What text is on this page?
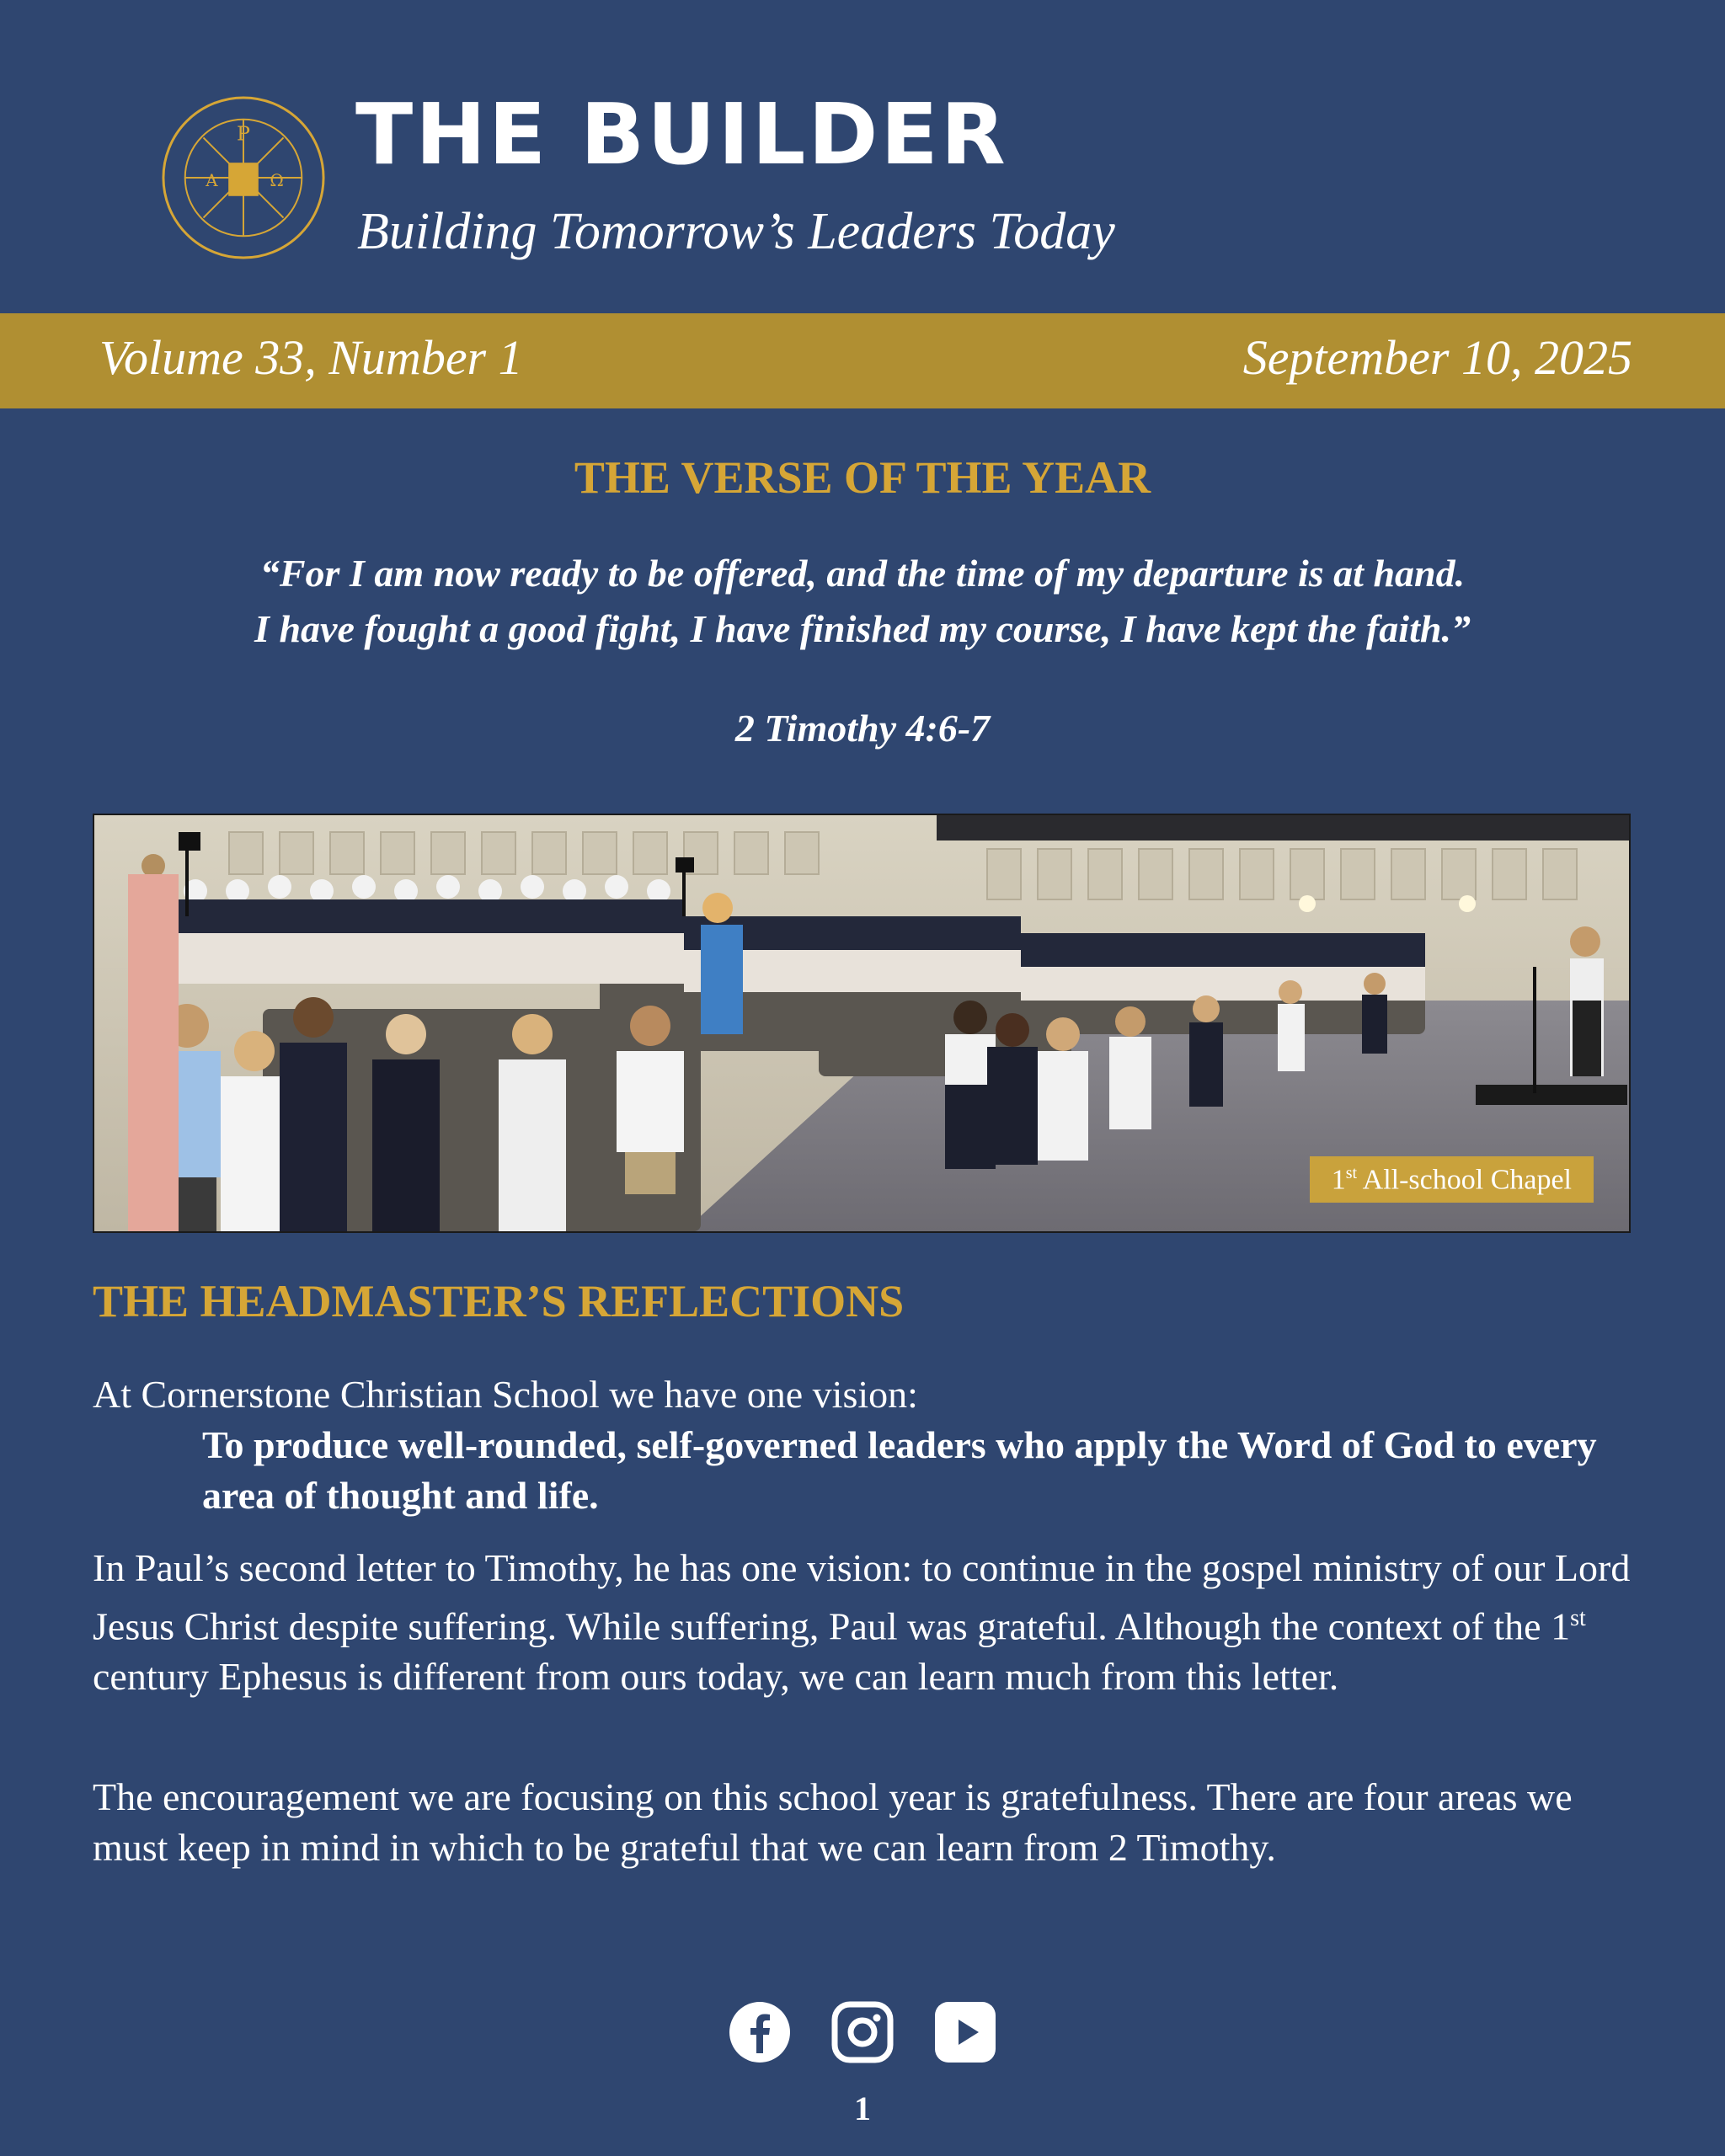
P
A	Ω THE BUILDER
Building Tomorrow’s Leaders Today
Volume 33, Number 1	September 10, 2025
THE VERSE OF THE YEAR
“For I am now ready to be offered, and the time of my departure is at hand.
I have fought a good fight, I have finished my course, I have kept the faith.”
2 Timothy 4:6-7
1st All-school Chapel
THE HEADMASTER’S REFLECTIONS
At Cornerstone Christian School we have one vision:
To produce well-rounded, self-governed leaders who apply the Word of God to every area of thought and life.
In Paul’s second letter to Timothy, he has one vision: to continue in the gospel ministry of our Lord Jesus Christ despite suffering. While suffering, Paul was grateful. Although the context of the 1st century Ephesus is different from ours today, we can learn much from this letter.
The encouragement we are focusing on this school year is gratefulness. There are four areas we must keep in mind in which to be grateful that we can learn from 2 Timothy.
1
